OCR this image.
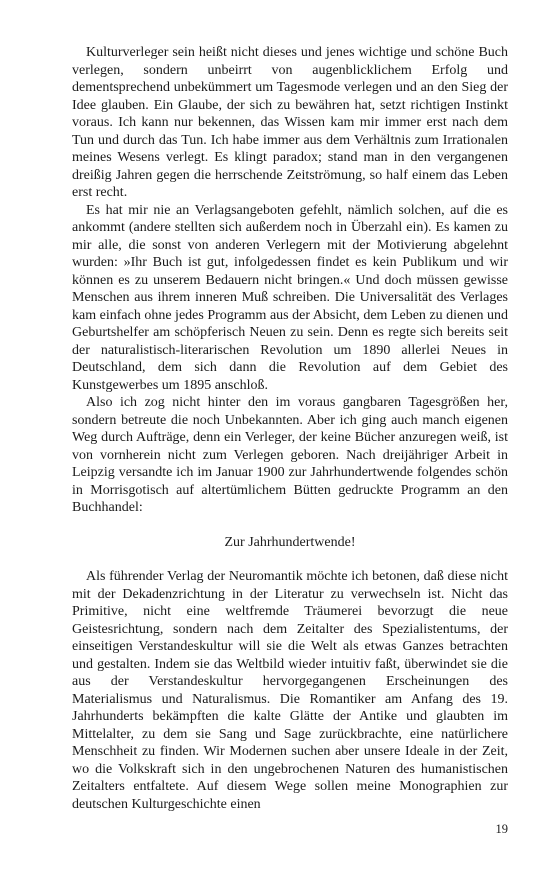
Kulturverleger sein heißt nicht dieses und jenes wichtige und schöne Buch verlegen, sondern unbeirrt von augenblicklichem Erfolg und dementsprechend unbekümmert um Tagesmode verlegen und an den Sieg der Idee glauben. Ein Glaube, der sich zu bewähren hat, setzt richtigen Instinkt voraus. Ich kann nur bekennen, das Wissen kam mir immer erst nach dem Tun und durch das Tun. Ich habe immer aus dem Verhältnis zum Irrationalen meines Wesens verlegt. Es klingt paradox; stand man in den vergangenen dreißig Jahren gegen die herrschende Zeitströmung, so half einem das Leben erst recht.

Es hat mir nie an Verlagsangeboten gefehlt, nämlich solchen, auf die es ankommt (andere stellten sich außerdem noch in Überzahl ein). Es kamen zu mir alle, die sonst von anderen Verlegern mit der Motivierung abgelehnt wurden: »Ihr Buch ist gut, infolgedessen findet es kein Publikum und wir können es zu unserem Bedauern nicht bringen.« Und doch müssen gewisse Menschen aus ihrem inneren Muß schreiben. Die Universalität des Verlages kam einfach ohne jedes Programm aus der Absicht, dem Leben zu dienen und Geburtshelfer am schöpferisch Neuen zu sein. Denn es regte sich bereits seit der naturalistisch-literarischen Revolution um 1890 allerlei Neues in Deutschland, dem sich dann die Revolution auf dem Gebiet des Kunstgewerbes um 1895 anschloß.

Also ich zog nicht hinter den im voraus gangbaren Tagesgrößen her, sondern betreute die noch Unbekannten. Aber ich ging auch manch eigenen Weg durch Aufträge, denn ein Verleger, der keine Bücher anzuregen weiß, ist von vornherein nicht zum Verlegen geboren. Nach dreijähriger Arbeit in Leipzig versandte ich im Januar 1900 zur Jahrhundertwende folgendes schön in Morrisgotisch auf altertümlichem Bütten gedruckte Programm an den Buchhandel:

Zur Jahrhundertwende!

Als führender Verlag der Neuromantik möchte ich betonen, daß diese nicht mit der Dekadenzrichtung in der Literatur zu verwechseln ist. Nicht das Primitive, nicht eine weltfremde Träumerei bevorzugt die neue Geistesrichtung, sondern nach dem Zeitalter des Spezialistentums, der einseitigen Verstandeskultur will sie die Welt als etwas Ganzes betrachten und gestalten. Indem sie das Weltbild wieder intuitiv faßt, überwindet sie die aus der Verstandeskultur hervorgegangenen Erscheinungen des Materialismus und Naturalismus. Die Romantiker am Anfang des 19. Jahrhunderts bekämpften die kalte Glätte der Antike und glaubten im Mittelalter, zu dem sie Sang und Sage zurückbrachte, eine natürlichere Menschheit zu finden. Wir Modernen suchen aber unsere Ideale in der Zeit, wo die Volkskraft sich in den ungebrochenen Naturen des humanistischen Zeitalters entfaltete. Auf diesem Wege sollen meine Monographien zur deutschen Kulturgeschichte einen

19
